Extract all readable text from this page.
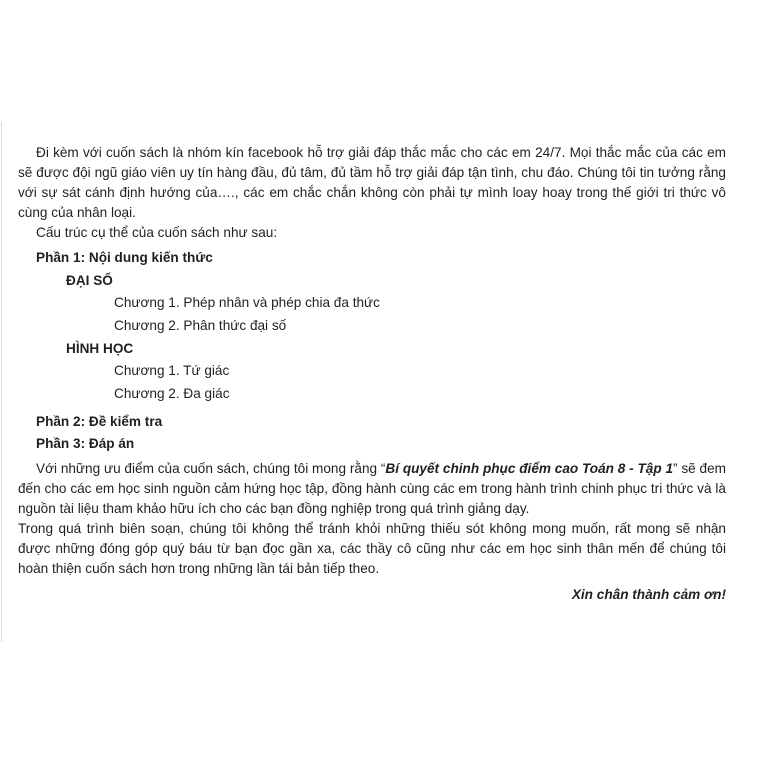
Đi kèm với cuốn sách là nhóm kín facebook hỗ trợ giải đáp thắc mắc cho các em 24/7. Mọi thắc mắc của các em sẽ được đội ngũ giáo viên uy tín hàng đầu, đủ tâm, đủ tầm hỗ trợ giải đáp tận tình, chu đáo. Chúng tôi tin tưởng rằng với sự sát cánh định hướng của…., các em chắc chắn không còn phải tự mình loay hoay trong thế giới tri thức vô cùng của nhân loại.

Cấu trúc cụ thể của cuốn sách như sau:

Phần 1: Nội dung kiến thức
ĐẠI SỐ
Chương 1. Phép nhân và phép chia đa thức
Chương 2. Phân thức đại số
HÌNH HỌC
Chương 1. Tứ giác
Chương 2. Đa giác
Phần 2: Đề kiểm tra
Phần 3: Đáp án

Với những ưu điểm của cuốn sách, chúng tôi mong rằng “Bí quyết chinh phục điểm cao Toán 8 - Tập 1” sẽ đem đến cho các em học sinh nguồn cảm hứng học tập, đồng hành cùng các em trong hành trình chinh phục tri thức và là nguồn tài liệu tham khảo hữu ích cho các bạn đồng nghiệp trong quá trình giảng dạy.

Trong quá trình biên soạn, chúng tôi không thể tránh khỏi những thiếu sót không mong muốn, rất mong sẽ nhận được những đóng góp quý báu từ bạn đọc gần xa, các thầy cô cũng như các em học sinh thân mến để chúng tôi hoàn thiện cuốn sách hơn trong những lần tái bản tiếp theo.

Xin chân thành cảm ơn!
